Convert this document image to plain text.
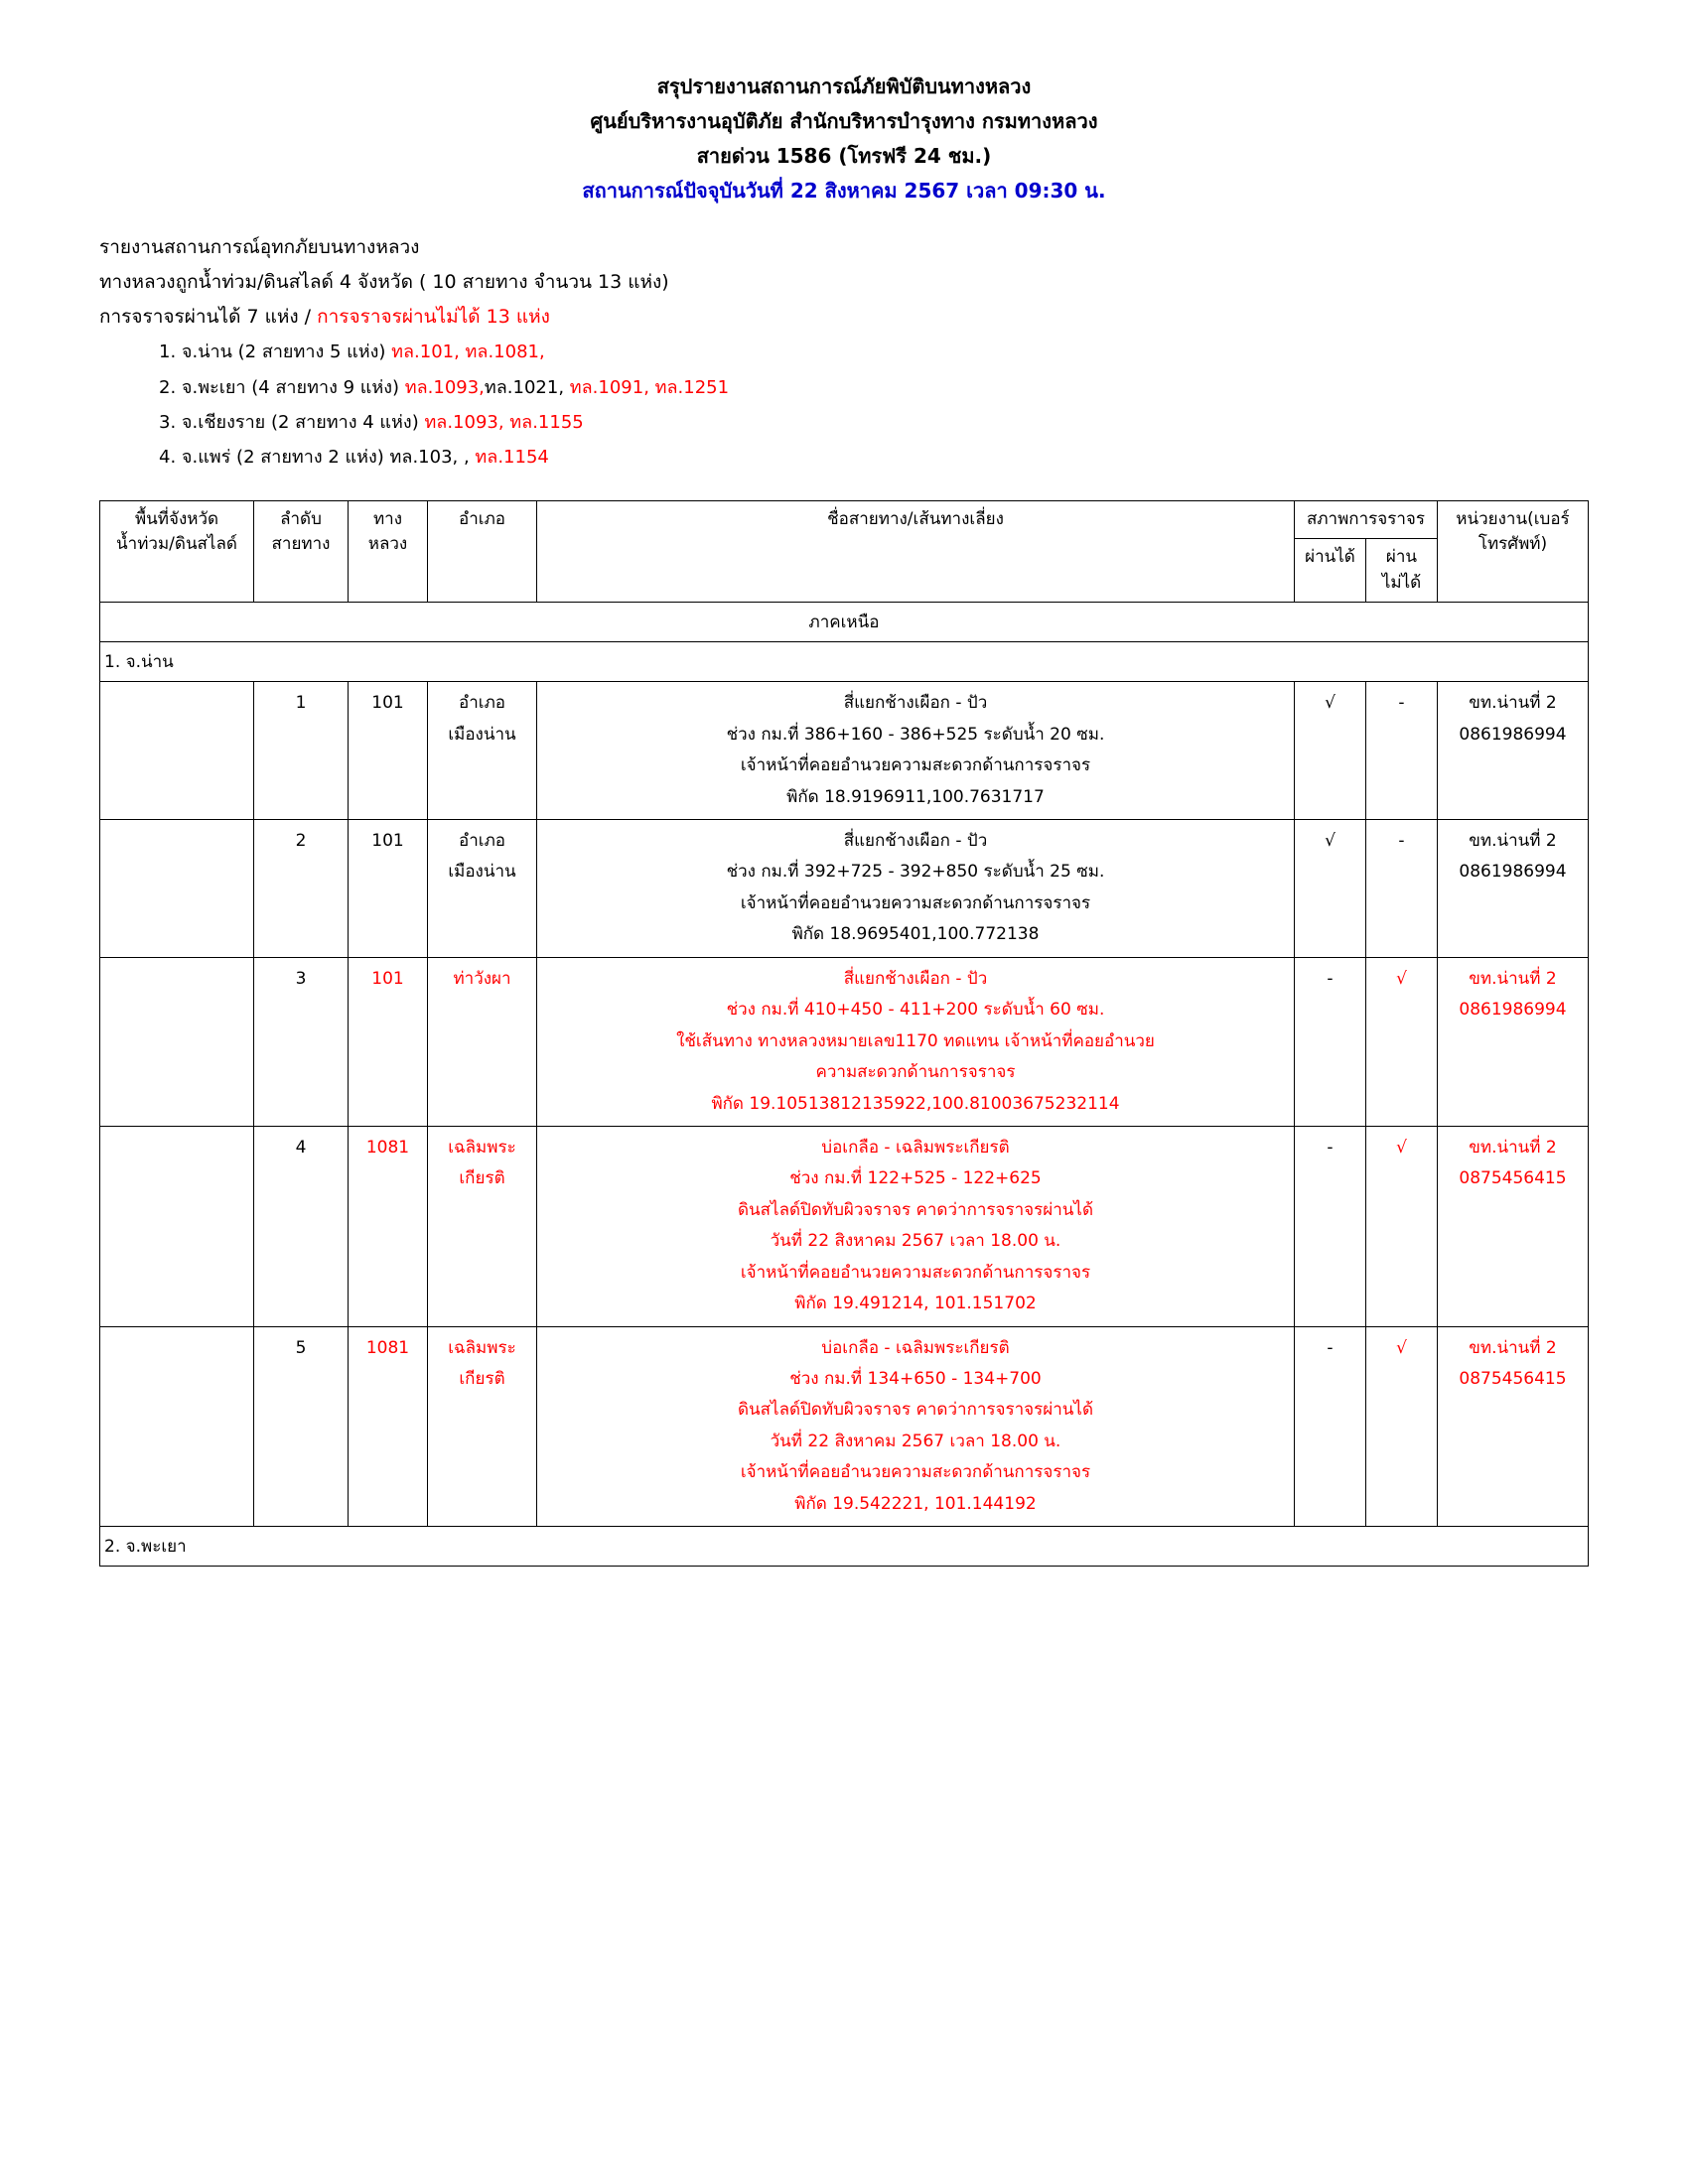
สรุปรายงานสถานการณ์ภัยพิบัติบนทางหลวง
ศูนย์บริหารงานอุบัติภัย สำนักบริหารบำรุงทาง กรมทางหลวง
สายด่วน 1586 (โทรฟรี 24 ชม.)
สถานการณ์ปัจจุบันวันที่ 22 สิงหาคม 2567 เวลา 09:30 น.
รายงานสถานการณ์อุทกภัยบนทางหลวง
ทางหลวงถูกน้ำท่วม/ดินสไลด์ 4 จังหวัด ( 10 สายทาง จำนวน 13 แห่ง)
การจราจรผ่านได้ 7 แห่ง / การจราจรผ่านไม่ได้ 13 แห่ง
1. จ.น่าน (2 สายทาง 5 แห่ง) ทล.101, ทล.1081,
2. จ.พะเยา (4 สายทาง 9 แห่ง) ทล.1093,ทล.1021, ทล.1091, ทล.1251
3. จ.เชียงราย (2 สายทาง 4 แห่ง) ทล.1093, ทล.1155
4. จ.แพร่ (2 สายทาง 2 แห่ง) ทล.103, , ทล.1154
พื้นที่จังหวัด
น้ำท่วม/ดินสไลด์	ลำดับ
สายทาง	ทาง
หลวง	อำเภอ	ชื่อสายทาง/เส้นทางเลี่ยง	สภาพการจราจร		หน่วยงาน(เบอร์
โทรศัพท์)

					ผ่านได้	ผ่าน
ไม่ได้	

ภาคเหนือ							
1. จ.น่าน							
	1	101	อำเภอ
เมืองน่าน	สี่แยกช้างเผือก - ปัว
ช่วง กม.ที่ 386+160 - 386+525 ระดับน้ำ 20 ซม.
เจ้าหน้าที่คอยอำนวยความสะดวกด้านการจราจร
พิกัด 18.9196911,100.7631717	√	-	ขท.น่านที่ 2
0861986994

	2	101	อำเภอ
เมืองน่าน	สี่แยกช้างเผือก - ปัว
ช่วง กม.ที่ 392+725 - 392+850 ระดับน้ำ 25 ซม.
เจ้าหน้าที่คอยอำนวยความสะดวกด้านการจราจร
พิกัด 18.9695401,100.772138	√	-	ขท.น่านที่ 2
0861986994

	3	101	ท่าวังผา	สี่แยกช้างเผือก - ปัว
ช่วง กม.ที่ 410+450 - 411+200 ระดับน้ำ 60 ซม.
ใช้เส้นทาง ทางหลวงหมายเลข1170 ทดแทน เจ้าหน้าที่คอยอำนวย
ความสะดวกด้านการจราจร
พิกัด 19.10513812135922,100.81003675232114	-	√	ขท.น่านที่ 2
0861986994

	4	1081	เฉลิมพระ
เกียรติ

บ่อเกลือ - เฉลิมพระเกียรติ
ช่วง กม.ที่ 122+525 - 122+625
ดินสไลด์ปิดทับผิวจราจร คาดว่าการจราจรผ่านได้
วันที่ 22 สิงหาคม 2567 เวลา 18.00 น.
เจ้าหน้าที่คอยอำนวยความสะดวกด้านการจราจร
พิกัด 19.491214, 101.151702
	-	√	ขท.น่านที่ 2
0875456415

	5	1081	เฉลิมพระ
เกียรติ

บ่อเกลือ - เฉลิมพระเกียรติ
ช่วง กม.ที่ 134+650 - 134+700
ดินสไลด์ปิดทับผิวจราจร คาดว่าการจราจรผ่านได้
วันที่ 22 สิงหาคม 2567 เวลา 18.00 น.
เจ้าหน้าที่คอยอำนวยความสะดวกด้านการจราจร
พิกัด 19.542221, 101.144192
	-	√	ขท.น่านที่ 2
0875456415

2. จ.พะเยา							
